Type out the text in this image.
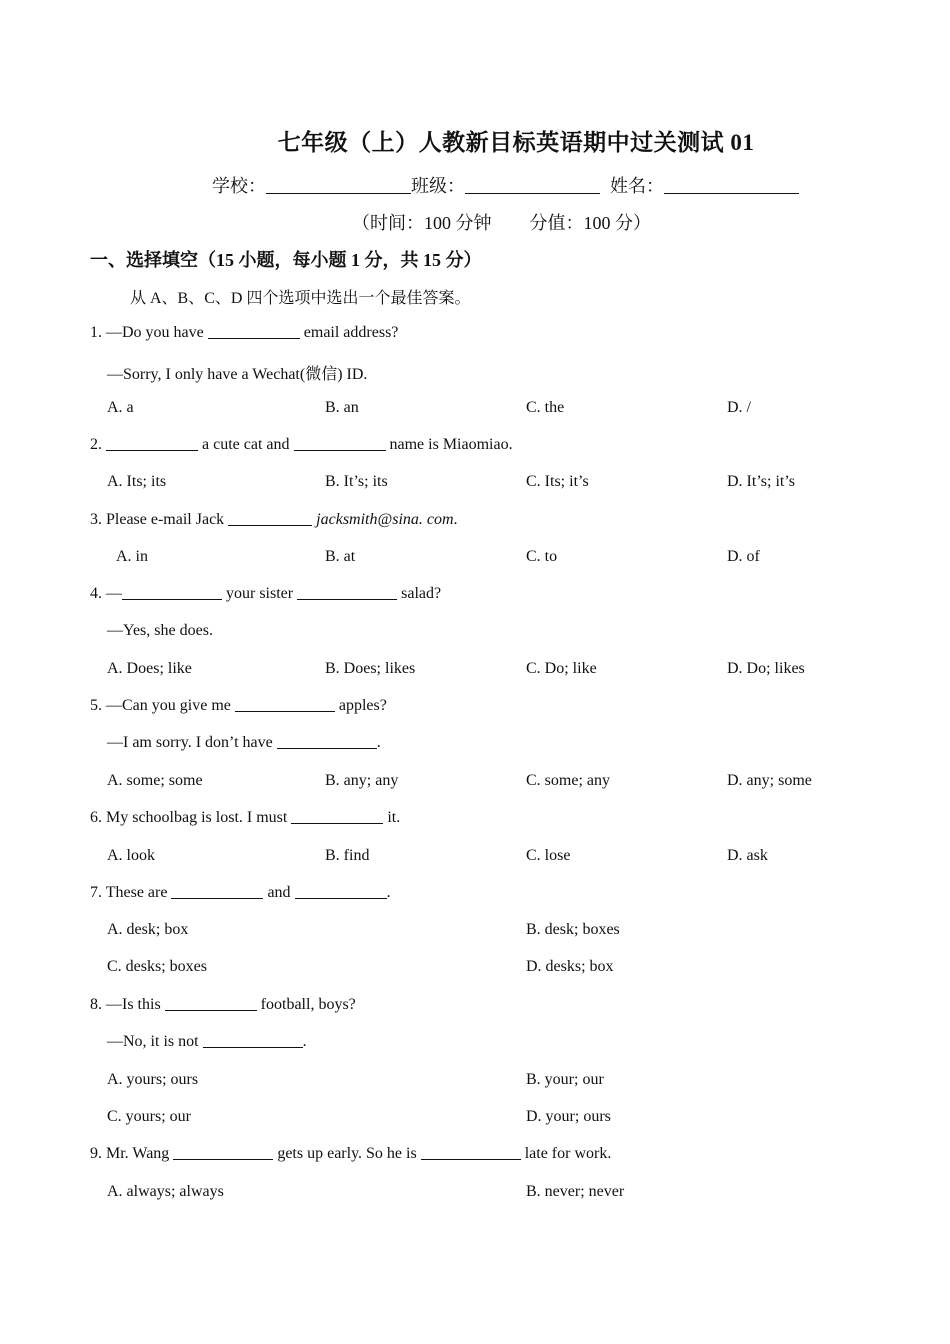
七年级（上）人教新目标英语期中过关测试 01
学校：	班级：	姓名：
（时间：100 分钟 分值：100 分）
一、选择填空（15 小题，每小题 1 分，共 15 分）
从 A、B、C、D 四个选项中选出一个最佳答案。
1. —Do you have	email address?
—Sorry, I only have a Wechat(微信) ID.
A. a	B. an	C. the	D. /
2.	a cute cat and	name is Miaomiao.
A. Its; its	B. It’s; its	C. Its; it’s	D. It’s; it’s
3. Please e-mail Jack	jacksmith@sina. com.
A. in	B. at	C. to	D. of
4. —	your sister	salad?
—Yes, she does.
A. Does; like	B. Does; likes	C. Do; like	D. Do; likes
5. —Can you give me	apples?
—I am sorry. I don’t have	.
A. some; some	B. any; any	C. some; any	D. any; some
6. My schoolbag is lost. I must	it.
A. look	B. find	C. lose	D. ask
7. These are	and	.
A. desk; box	B. desk; boxes
C. desks; boxes	D. desks; box
8. —Is this	football, boys?
—No, it is not	.
A. yours; ours	B. your; our
C. yours; our	D. your; ours
9. Mr. Wang	gets up early. So he is	late for work.
A. always; always	B. never; never
